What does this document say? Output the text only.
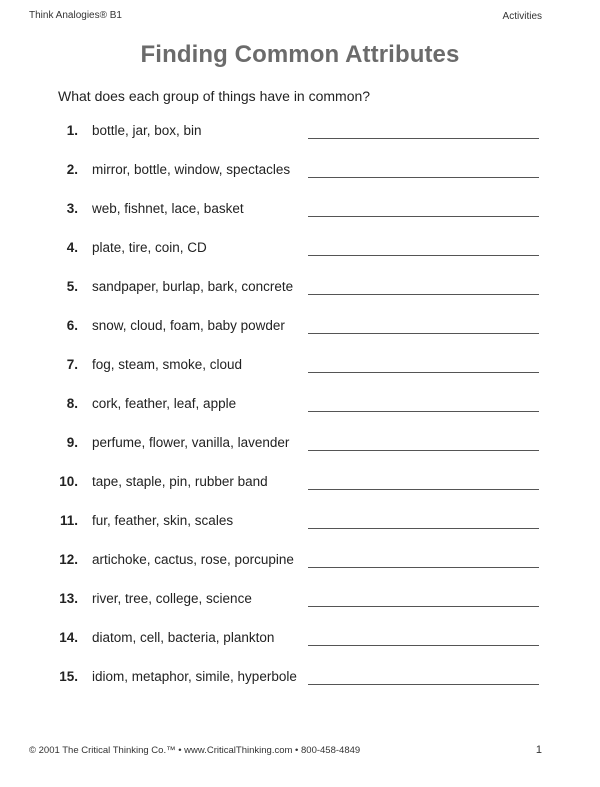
Think Analogies® B1	Activities
Finding Common Attributes
What does each group of things have in common?
1. bottle, jar, box, bin
2. mirror, bottle, window, spectacles
3. web, fishnet, lace, basket
4. plate, tire, coin, CD
5. sandpaper, burlap, bark, concrete
6. snow, cloud, foam, baby powder
7. fog, steam, smoke, cloud
8. cork, feather, leaf, apple
9. perfume, flower, vanilla, lavender
10. tape, staple, pin, rubber band
11. fur, feather, skin, scales
12. artichoke, cactus, rose, porcupine
13. river, tree, college, science
14. diatom, cell, bacteria, plankton
15. idiom, metaphor, simile, hyperbole
© 2001 The Critical Thinking Co.™ • www.CriticalThinking.com • 800-458-4849	1
